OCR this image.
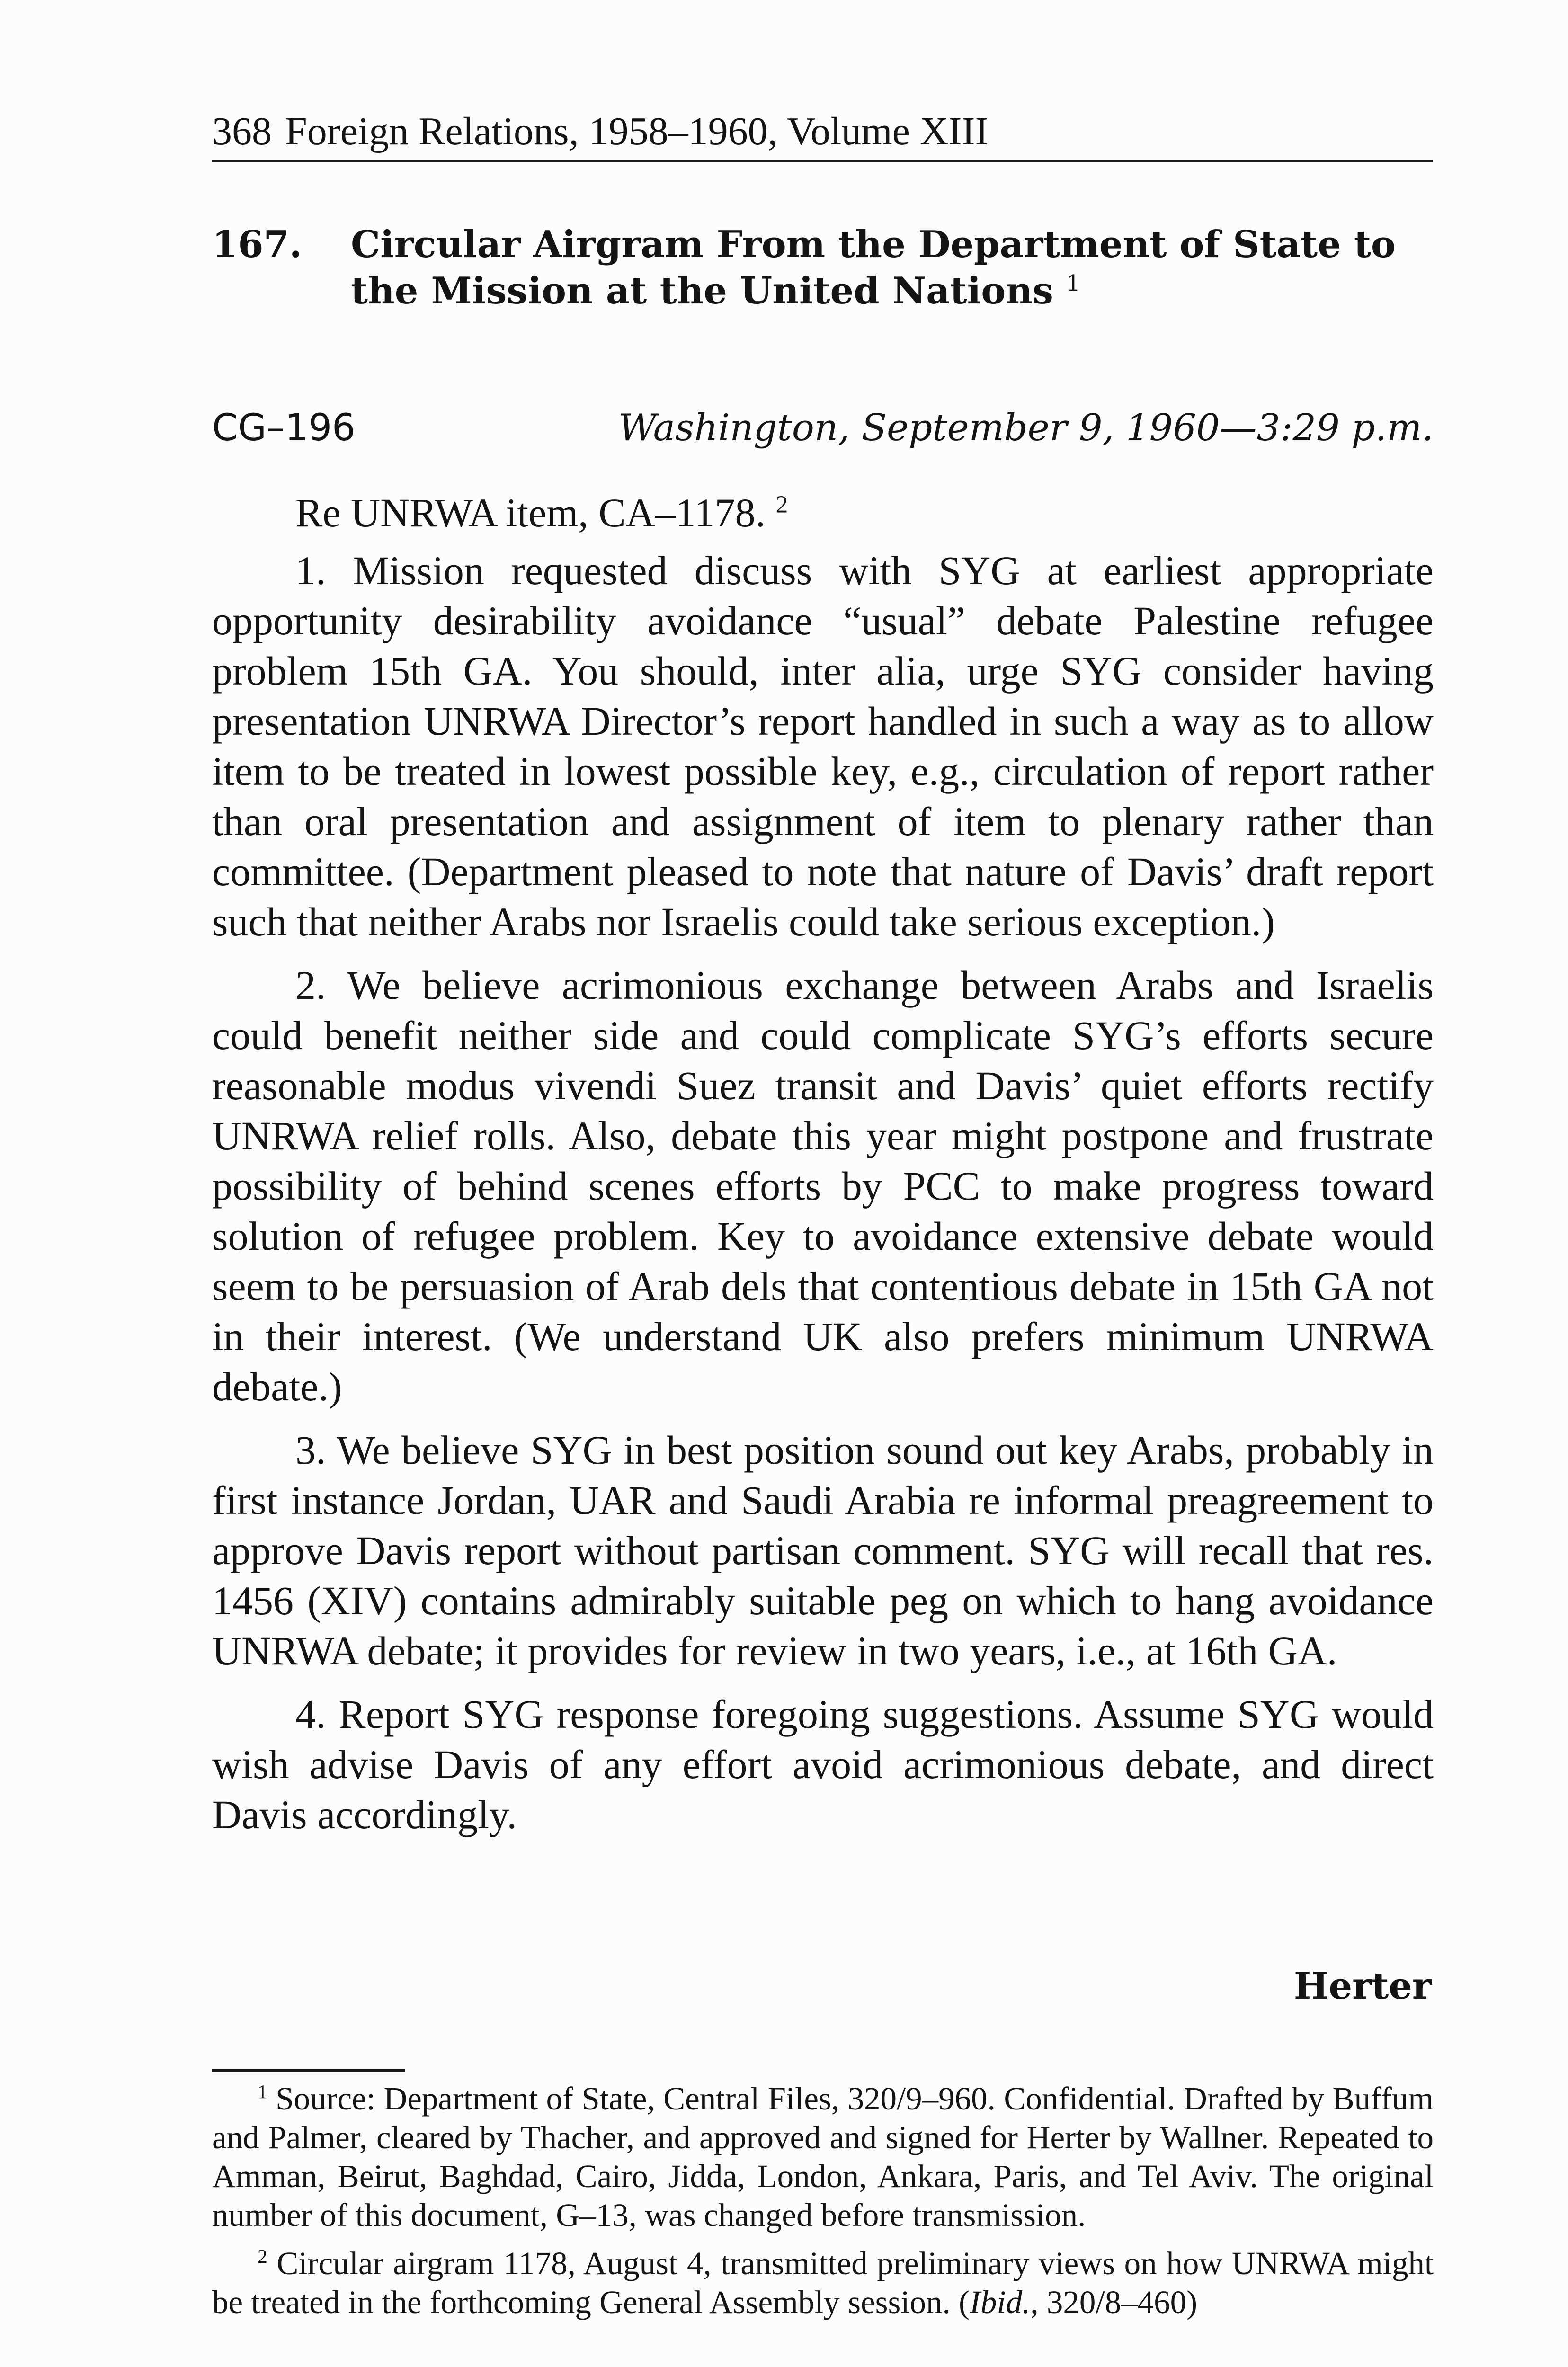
368 Foreign Relations, 1958–1960, Volume XIII
167. Circular Airgram From the Department of State to the Mission at the United Nations $^1$
CG–196	Washington, September 9, 1960—3:29 p.m.

Re UNRWA item, CA–1178. $^2$

1. Mission requested discuss with SYG at earliest appropriate opportunity desirability avoidance “usual” debate Palestine refugee problem 15th GA. You should, inter alia, urge SYG consider having presentation UNRWA Director’s report handled in such a way as to allow item to be treated in lowest possible key, e.g., circulation of report rather than oral presentation and assignment of item to plenary rather than committee. (Department pleased to note that nature of Davis’ draft report such that neither Arabs nor Israelis could take serious exception.)

2. We believe acrimonious exchange between Arabs and Israelis could benefit neither side and could complicate SYG’s efforts secure reasonable modus vivendi Suez transit and Davis’ quiet efforts rectify UNRWA relief rolls. Also, debate this year might postpone and frustrate possibility of behind scenes efforts by PCC to make progress toward solution of refugee problem. Key to avoidance extensive debate would seem to be persuasion of Arab dels that contentious debate in 15th GA not in their interest. (We understand UK also prefers minimum UNRWA debate.)

3. We believe SYG in best position sound out key Arabs, probably in first instance Jordan, UAR and Saudi Arabia re informal preagreement to approve Davis report without partisan comment. SYG will recall that res. 1456 (XIV) contains admirably suitable peg on which to hang avoidance UNRWA debate; it provides for review in two years, i.e., at 16th GA.

4. Report SYG response foregoing suggestions. Assume SYG would wish advise Davis of any effort avoid acrimonious debate, and direct Davis accordingly.

Herter

$^1$ Source: Department of State, Central Files, 320/9–960. Confidential. Drafted by Buffum and Palmer, cleared by Thacher, and approved and signed for Herter by Wallner. Repeated to Amman, Beirut, Baghdad, Cairo, Jidda, London, Ankara, Paris, and Tel Aviv. The original number of this document, G–13, was changed before transmission.

$^2$ Circular airgram 1178, August 4, transmitted preliminary views on how UNRWA might be treated in the forthcoming General Assembly session. (Ibid., 320/8–460)
